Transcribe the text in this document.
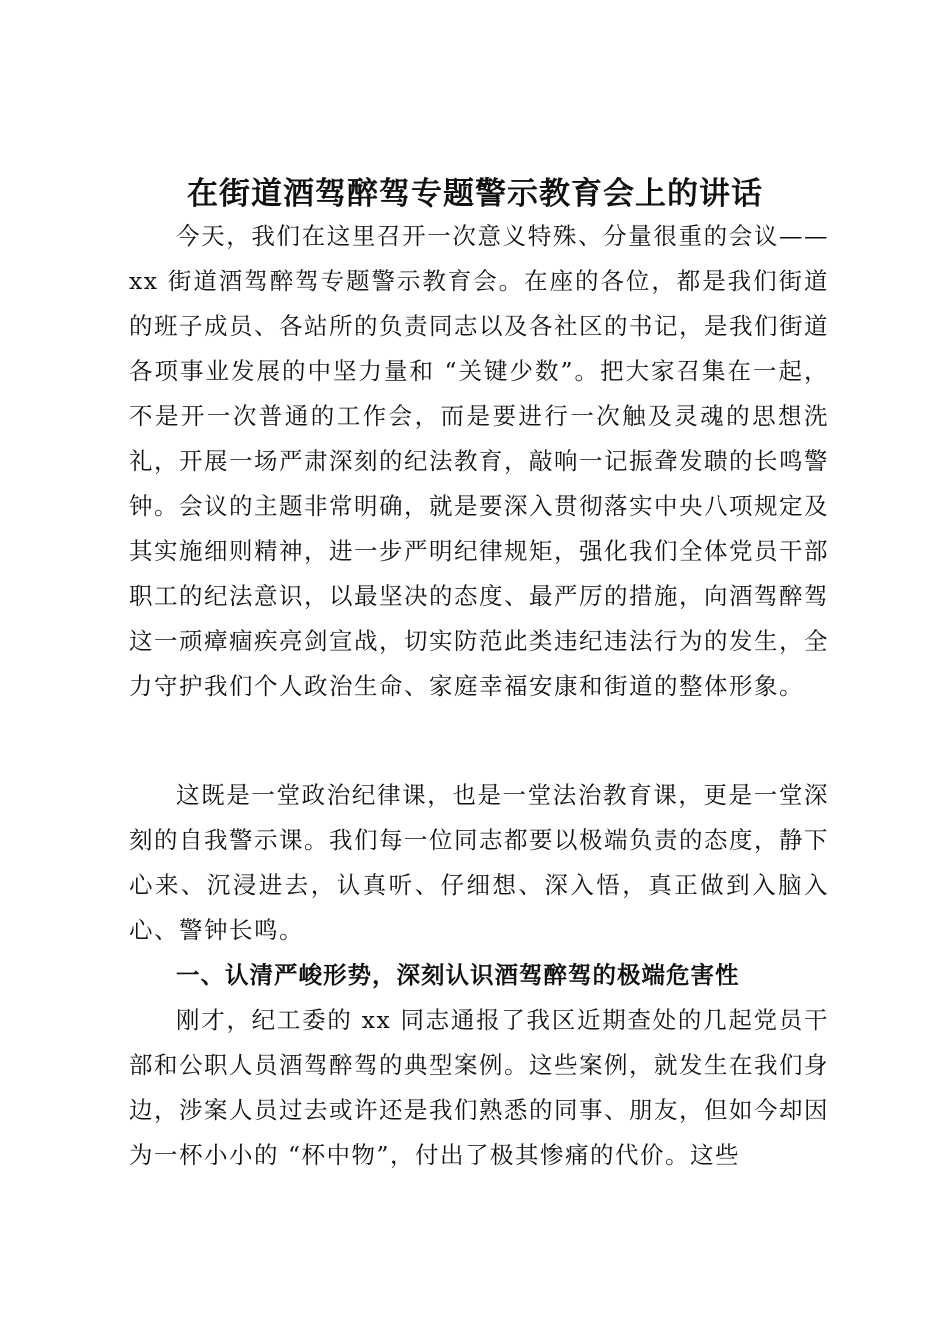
在街道酒驾醉驾专题警示教育会上的讲话

今天，我们在这里召开一次意义特殊、分量很重的会议——xx 街道酒驾醉驾专题警示教育会。在座的各位，都是我们街道的班子成员、各站所的负责同志以及各社区的书记，是我们街道各项事业发展的中坚力量和 “关键少数”。把大家召集在一起，不是开一次普通的工作会，而是要进行一次触及灵魂的思想洗礼，开展一场严肃深刻的纪法教育，敲响一记振聋发聩的长鸣警钟。会议的主题非常明确，就是要深入贯彻落实中央八项规定及其实施细则精神，进一步严明纪律规矩，强化我们全体党员干部职工的纪法意识，以最坚决的态度、最严厉的措施，向酒驾醉驾这一顽瘴痼疾亮剑宣战，切实防范此类违纪违法行为的发生，全力守护我们个人政治生命、家庭幸福安康和街道的整体形象。

这既是一堂政治纪律课，也是一堂法治教育课，更是一堂深刻的自我警示课。我们每一位同志都要以极端负责的态度，静下心来、沉浸进去，认真听、仔细想、深入悟，真正做到入脑入心、警钟长鸣。

一、认清严峻形势，深刻认识酒驾醉驾的极端危害性

刚才，纪工委的 xx 同志通报了我区近期查处的几起党员干部和公职人员酒驾醉驾的典型案例。这些案例，就发生在我们身边，涉案人员过去或许还是我们熟悉的同事、朋友，但如今却因为一杯小小的 “杯中物”，付出了极其惨痛的代价。这些
